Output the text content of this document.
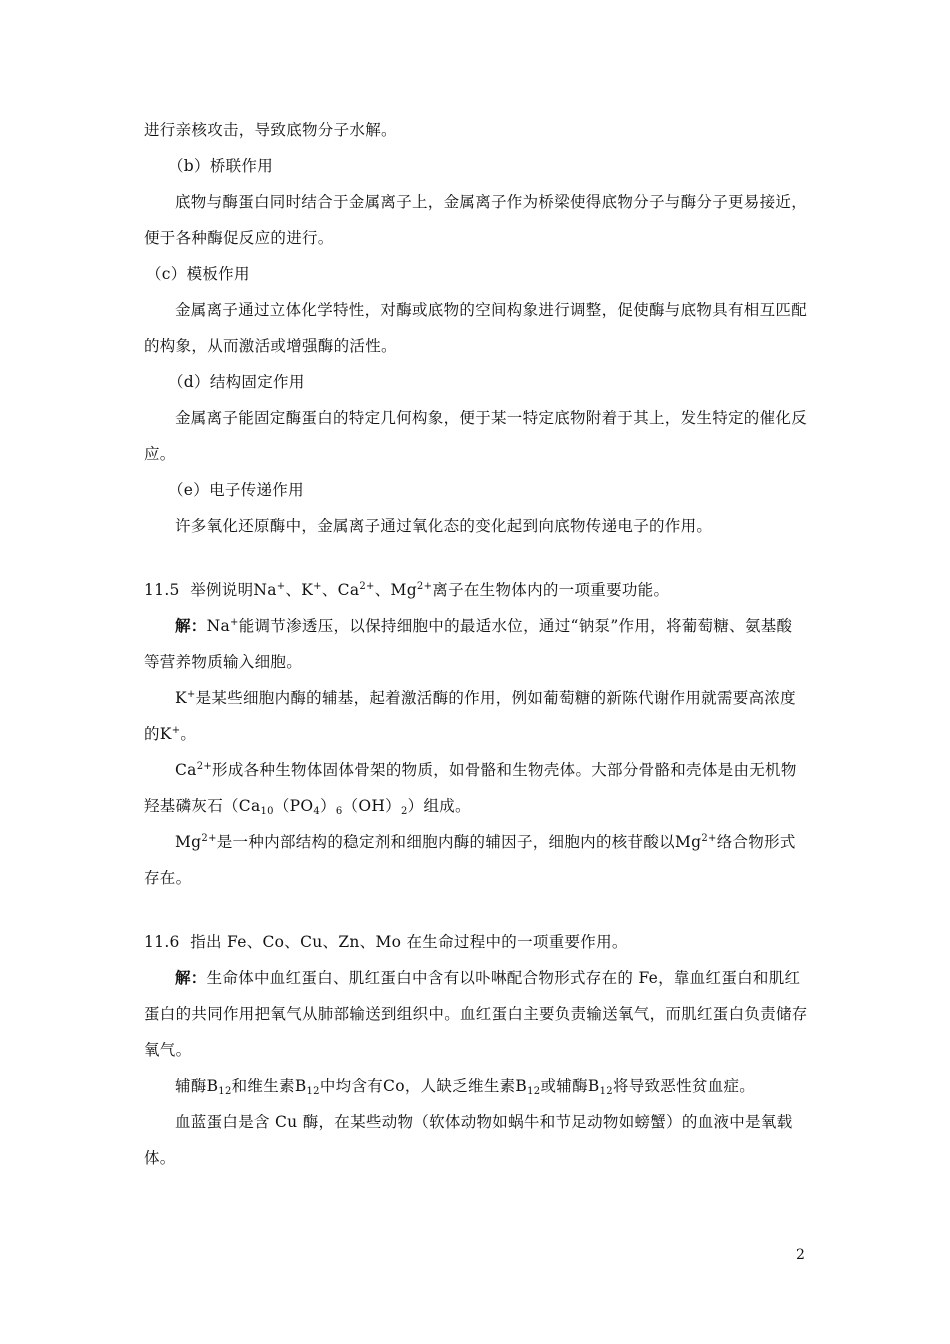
进行亲核攻击，导致底物分子水解。

（b）桥联作用

底物与酶蛋白同时结合于金属离子上，金属离子作为桥梁使得底物分子与酶分子更易接近，便于各种酶促反应的进行。

（c）模板作用

金属离子通过立体化学特性，对酶或底物的空间构象进行调整，促使酶与底物具有相互匹配的构象，从而激活或增强酶的活性。

（d）结构固定作用

金属离子能固定酶蛋白的特定几何构象，便于某一特定底物附着于其上，发生特定的催化反应。

（e）电子传递作用

许多氧化还原酶中，金属离子通过氧化态的变化起到向底物传递电子的作用。

11.5 举例说明Na+、K+、$Ca^{2+}$、$Mg^{2+}$离子在生物体内的一项重要功能。

解：Na+能调节渗透压，以保持细胞中的最适水位，通过“钠泵”作用，将葡萄糖、氨基酸等营养物质输入细胞。

K+是某些细胞内酶的辅基，起着激活酶的作用，例如葡萄糖的新陈代谢作用就需要高浓度的K+。

$Ca^{2+}$形成各种生物体固体骨架的物质，如骨骼和生物壳体。大部分骨骼和壳体是由无机物羟基磷灰石$(Ca_{10}(PO_4)_6(OH)_2)$组成。

$Mg^{2+}$是一种内部结构的稳定剂和细胞内酶的辅因子，细胞内的核苷酸以$Mg^{2+}$络合物形式存在。

11.6 指出 Fe、Co、Cu、Zn、Mo 在生命过程中的一项重要作用。

解：生命体中血红蛋白、肌红蛋白中含有以卟啉配合物形式存在的 Fe，靠血红蛋白和肌红蛋白的共同作用把氧气从肺部输送到组织中。血红蛋白主要负责输送氧气，而肌红蛋白负责储存氧气。

辅酶$B_{12}$和维生素$B_{12}$中均含有Co，人缺乏维生素$B_{12}$或辅酶$B_{12}$将导致恶性贫血症。

血蓝蛋白是含 Cu 酶，在某些动物（软体动物如蜗牛和节足动物如螃蟹）的血液中是氧载体。

2
